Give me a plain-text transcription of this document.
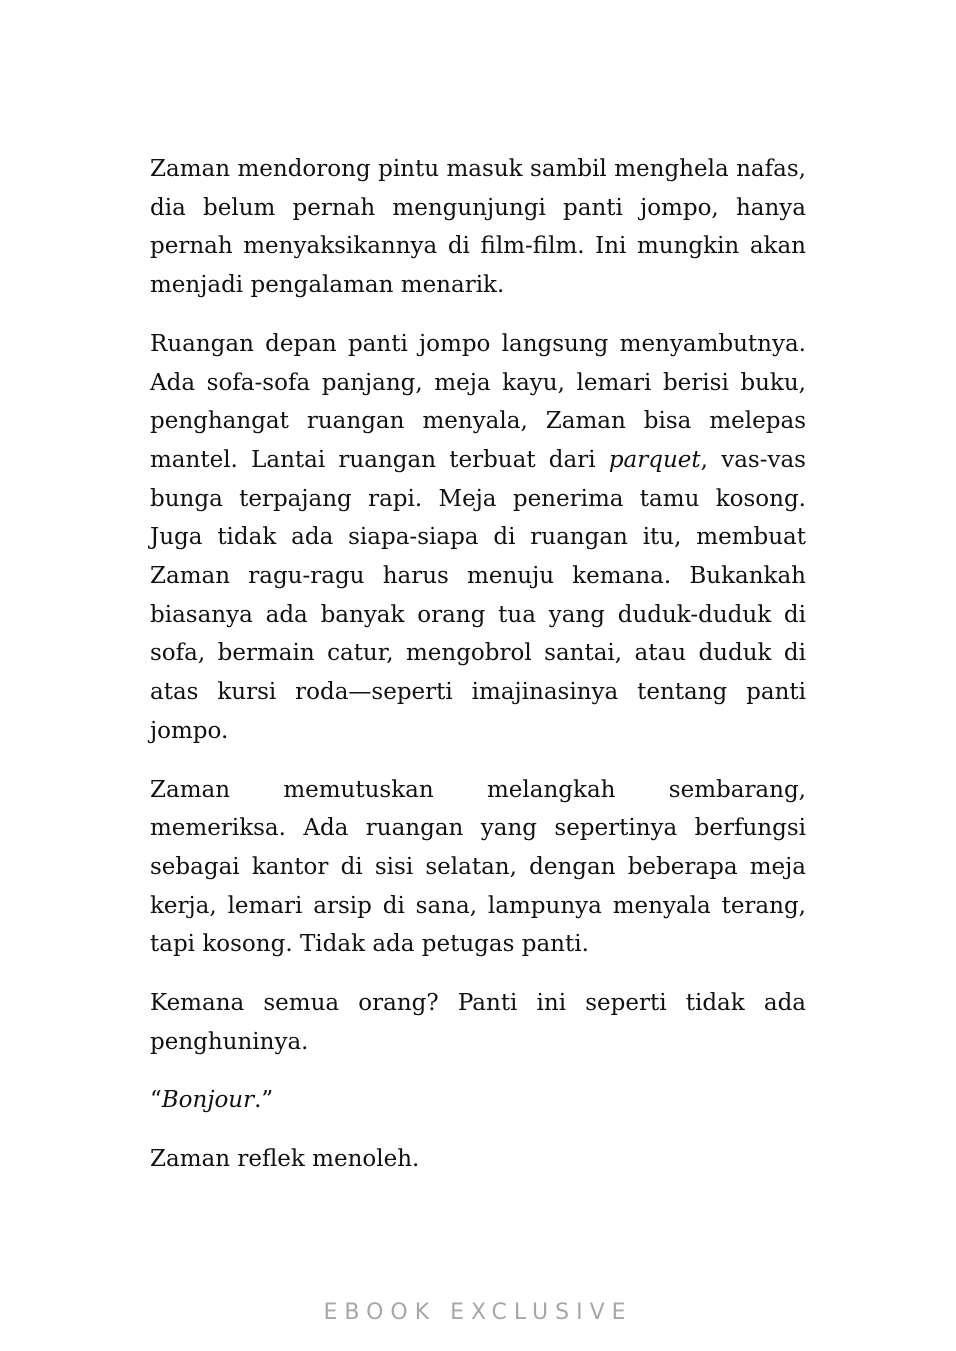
Zaman mendorong pintu masuk sambil menghela nafas, dia belum pernah mengunjungi panti jompo, hanya pernah menyaksikannya di film-film. Ini mungkin akan menjadi pengalaman menarik.

Ruangan depan panti jompo langsung menyambutnya. Ada sofa-sofa panjang, meja kayu, lemari berisi buku, penghangat ruangan menyala, Zaman bisa melepas mantel. Lantai ruangan terbuat dari parquet, vas-vas bunga terpajang rapi. Meja penerima tamu kosong. Juga tidak ada siapa-siapa di ruangan itu, membuat Zaman ragu-ragu harus menuju kemana. Bukankah biasanya ada banyak orang tua yang duduk-duduk di sofa, bermain catur, mengobrol santai, atau duduk di atas kursi roda—seperti imajinasinya tentang panti jompo.

Zaman memutuskan melangkah sembarang, memeriksa. Ada ruangan yang sepertinya berfungsi sebagai kantor di sisi selatan, dengan beberapa meja kerja, lemari arsip di sana, lampunya menyala terang, tapi kosong. Tidak ada petugas panti.

Kemana semua orang? Panti ini seperti tidak ada penghuninya.

“Bonjour.”

Zaman reflek menoleh.

EBOOK EXCLUSIVE
